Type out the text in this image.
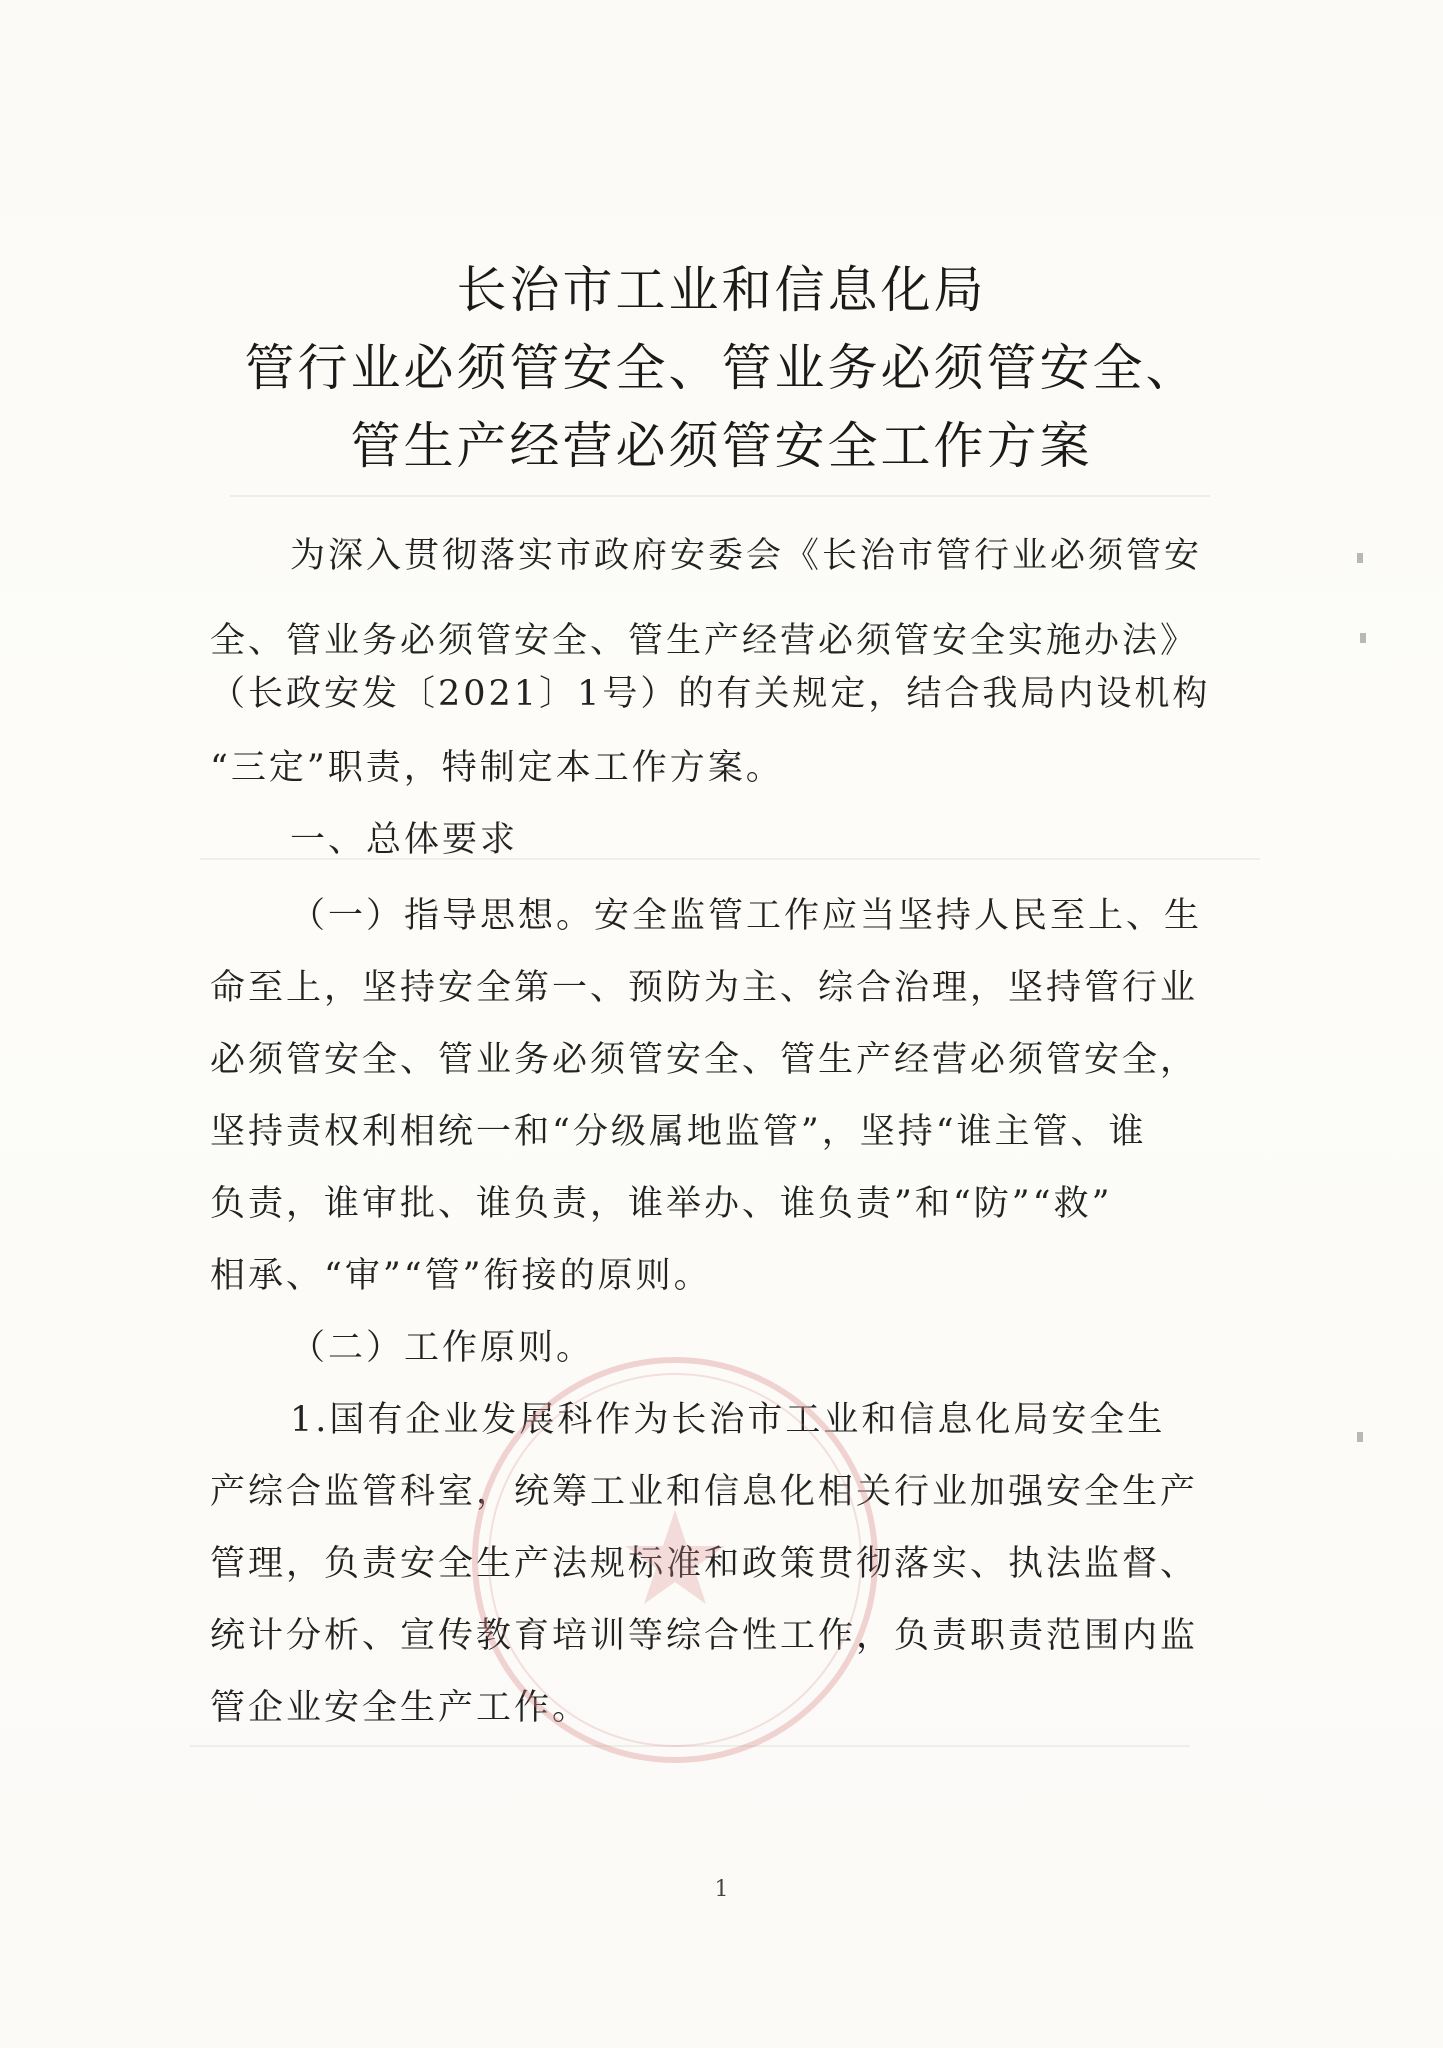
长治市工业和信息化局
管行业必须管安全、管业务必须管安全、
管生产经营必须管安全工作方案
为深入贯彻落实市政府安委会《长治市管行业必须管安
全、管业务必须管安全、管生产经营必须管安全实施办法》
（长政安发〔2021〕1号）的有关规定，结合我局内设机构
“三定”职责，特制定本工作方案。
一、总体要求
（一）指导思想。安全监管工作应当坚持人民至上、生
命至上，坚持安全第一、预防为主、综合治理，坚持管行业
必须管安全、管业务必须管安全、管生产经营必须管安全，
坚持责权利相统一和“分级属地监管”，坚持“谁主管、谁
负责，谁审批、谁负责，谁举办、谁负责”和“防”“救”
相承、“审”“管”衔接的原则。
（二）工作原则。
1.国有企业发展科作为长治市工业和信息化局安全生
产综合监管科室，统筹工业和信息化相关行业加强安全生产
管理，负责安全生产法规标准和政策贯彻落实、执法监督、
统计分析、宣传教育培训等综合性工作，负责职责范围内监
管企业安全生产工作。
1
